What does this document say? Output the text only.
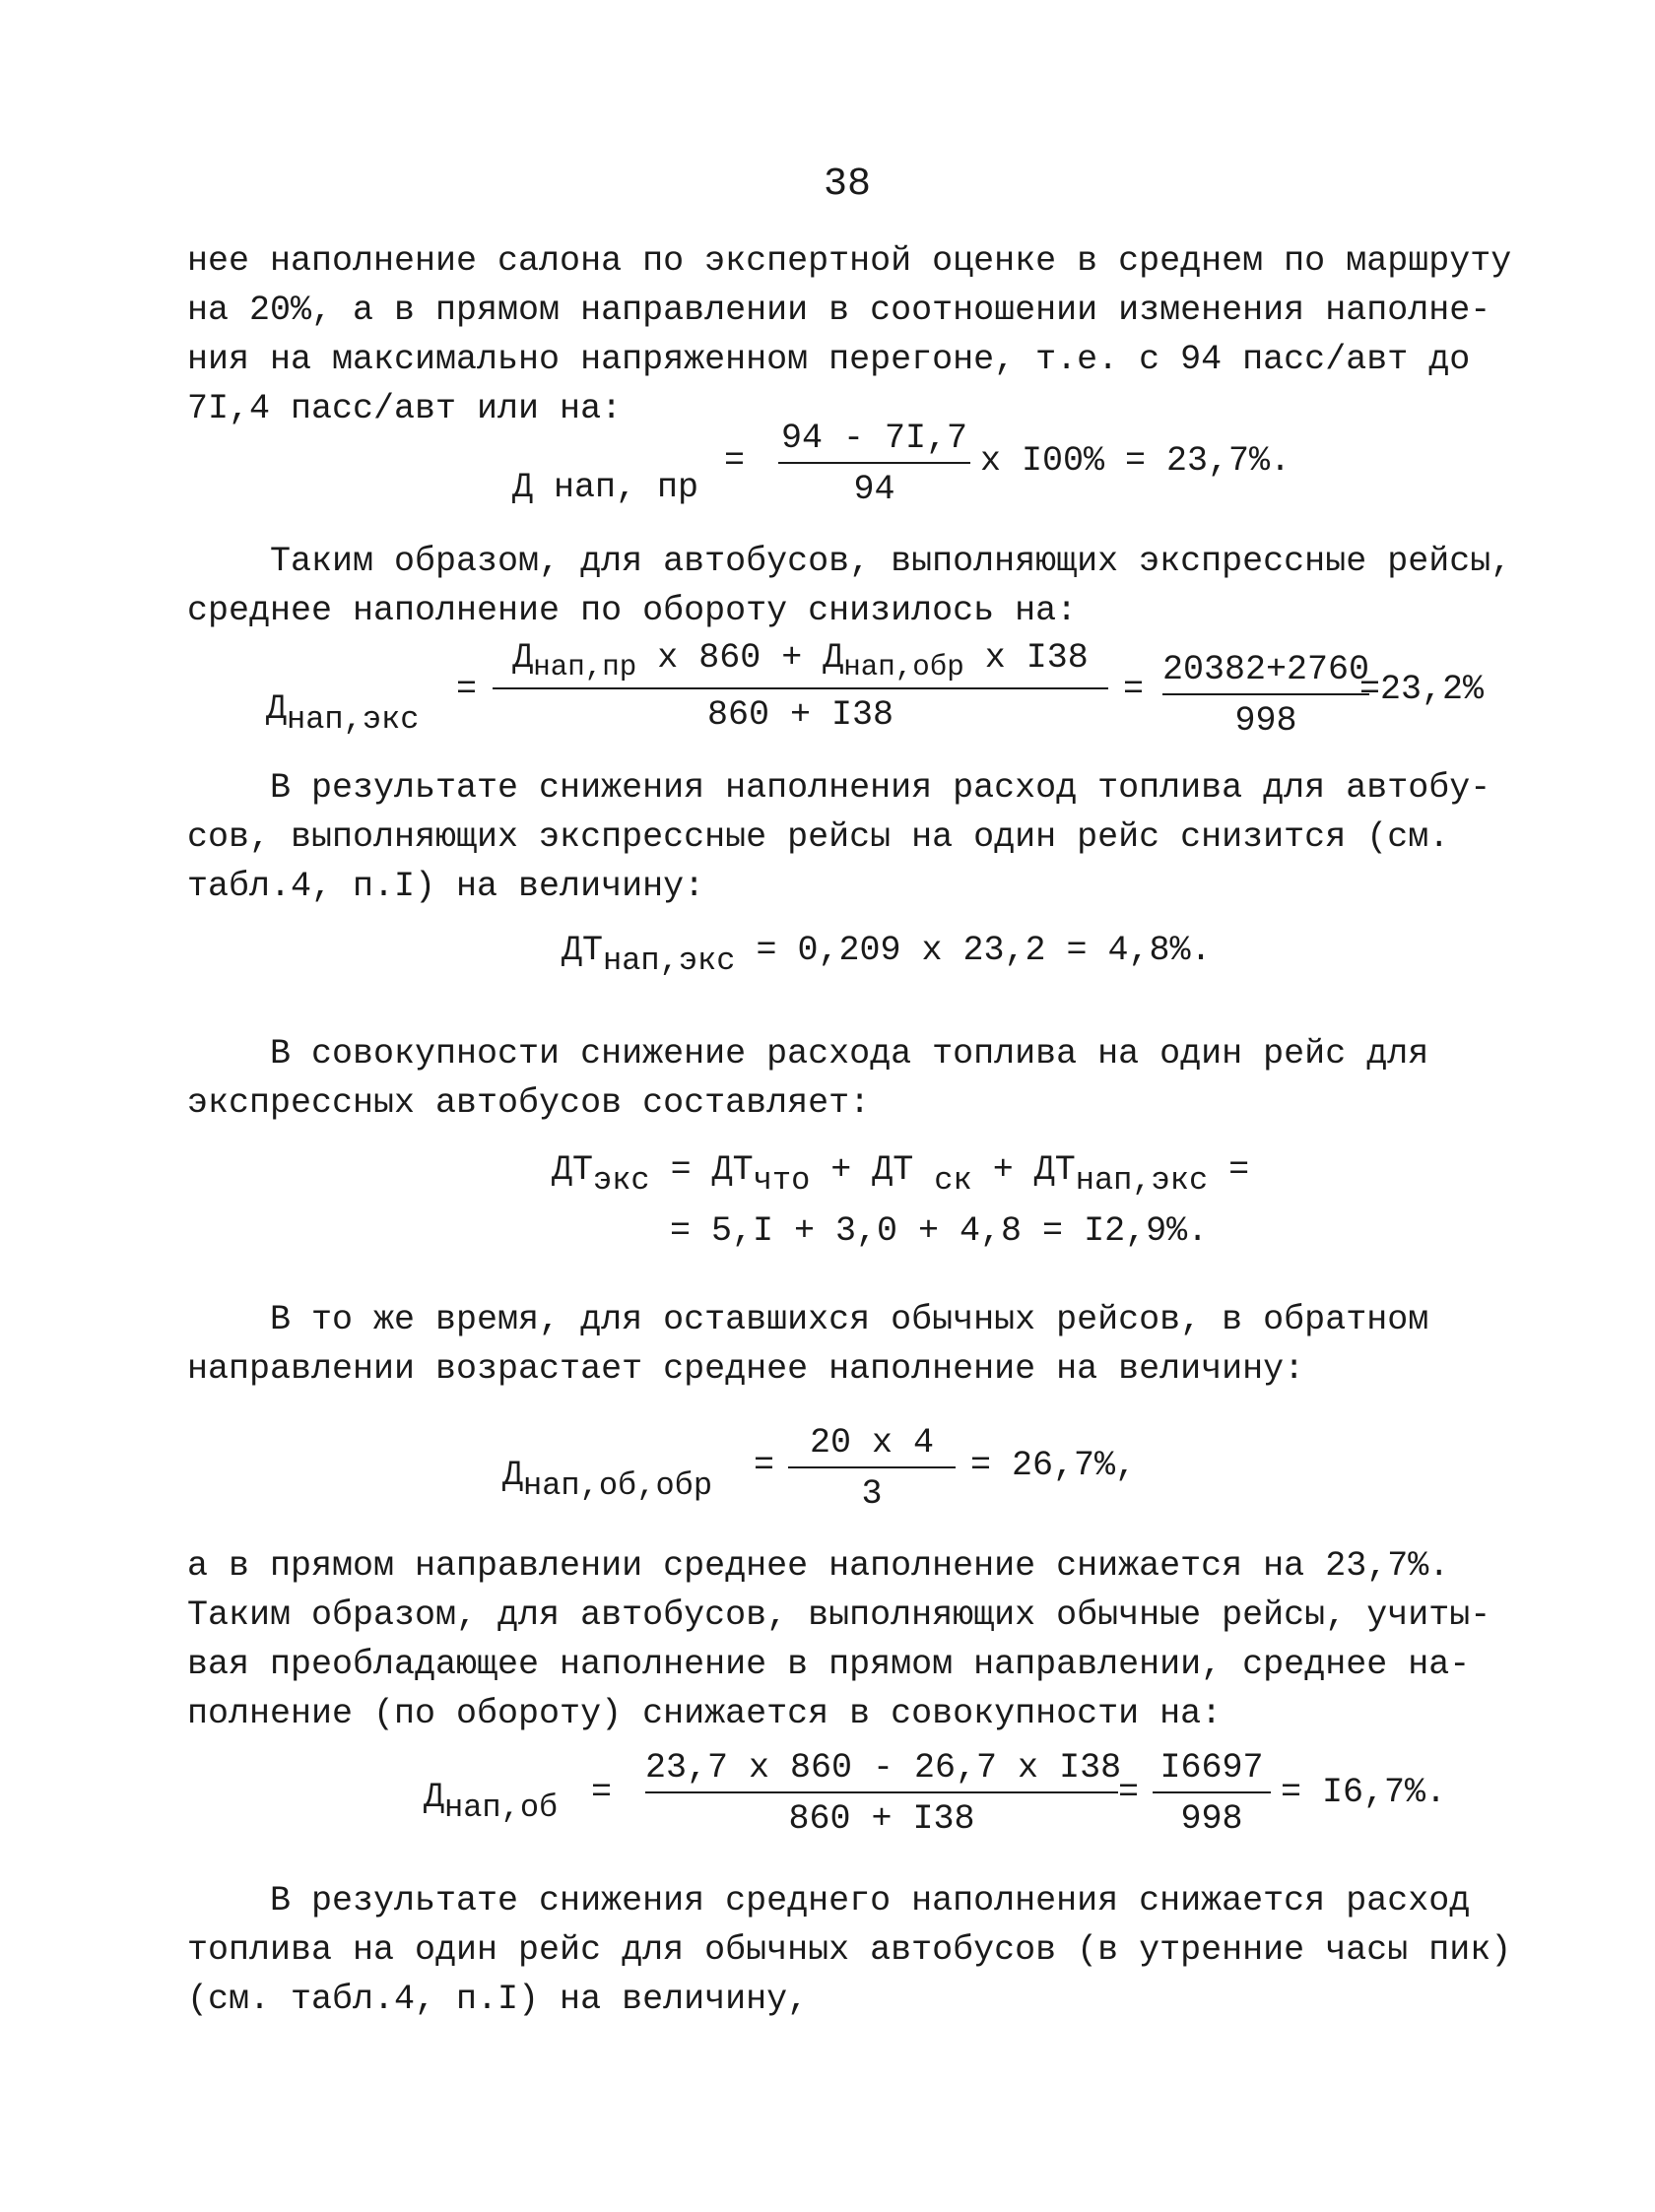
38

нее наполнение салона по экспертной оценке в среднем по маршруту
на 20%, а в прямом направлении в соотношении изменения наполне-
ния на максимально напряженном перегоне, т.е. с 94 пасс/авт до
7I,4 пасс/авт или на:

Д нап, пр
=
94 - 7I,7
94
x I00% = 23,7%.

Таким образом, для автобусов, выполняющих экспрессные рейсы,
среднее наполнение по обороту снизилось на:

$Д_{нап,экс}$
=
$Д_{нап,пр}$ x $860 + Д_{нап,обр}$ x I38
860 + I38
= 20382+2760
998
=23,2%

В результате снижения наполнения расход топлива для автобу-
сов, выполняющих экспрессные рейсы на один рейс снизится (см.
табл.4, п.I) на величину:

$ДТ_{нап,экс} = 0,209$ x 23,2 = 4,8%.

В совокупности снижение расхода топлива на один рейс для
экспрессных автобусов составляет:

$ДТ_{экс} = ДТ_{что}$ + ДТ $_{ск} + ДТ_{нап,экс}$ =
= 5,I + 3,0 + 4,8 = I2,9%.

В то же время, для оставшихся обычных рейсов, в обратном
направлении возрастает среднее наполнение на величину:

$Д_{нап,об,обр}$
=
20 x 4
3
= 26,7%,

а в прямом направлении среднее наполнение снижается на 23,7%.
Таким образом, для автобусов, выполняющих обычные рейсы, учиты-
вая преобладающее наполнение в прямом направлении, среднее на-
полнение (по обороту) снижается в совокупности на:

$Д_{нап,об}$ =
23,7 x 860 - 26,7 x I38
860 + I38
=
I6697
998
= I6,7%.

В результате снижения среднего наполнения снижается расход
топлива на один рейс для обычных автобусов (в утренние часы пик)
(см. табл.4, п.I) на величину,
